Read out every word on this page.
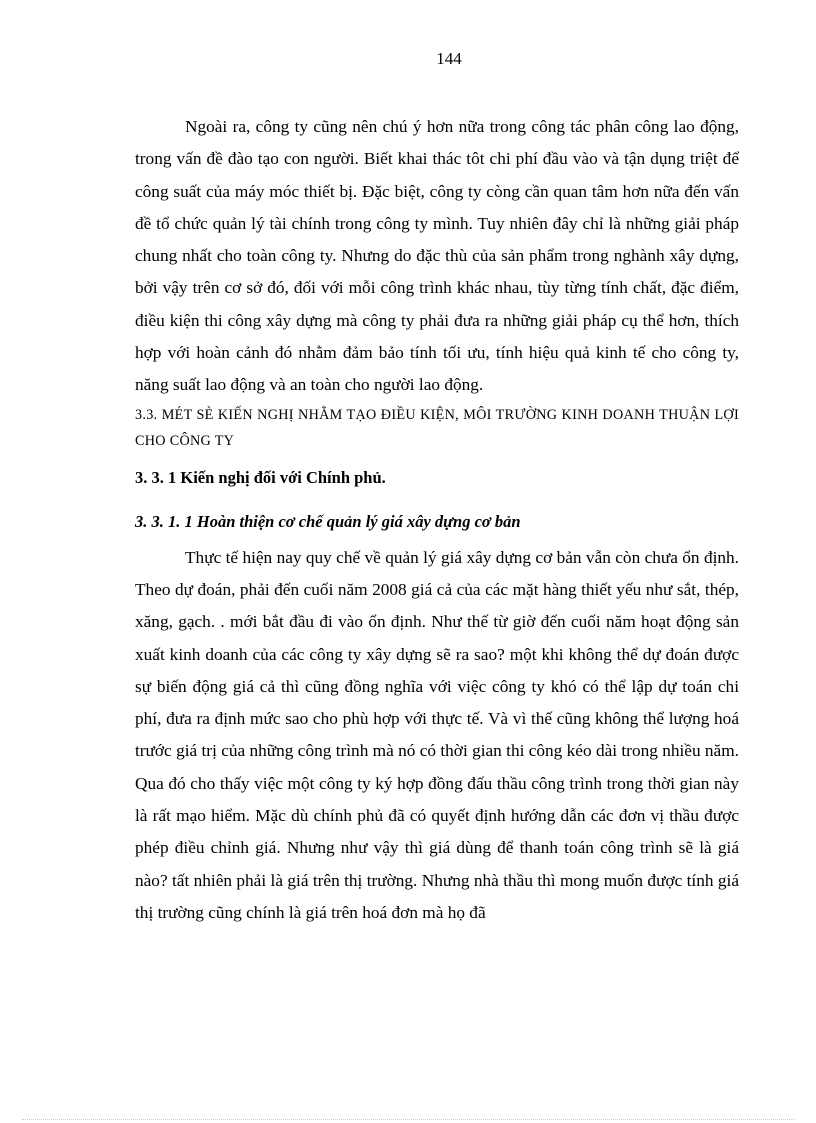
144

Ngoài ra, công ty cũng nên chú ý hơn nữa trong công tác phân công lao động, trong vấn đề đào tạo con người. Biết khai thác tôt chi phí đầu vào và tận dụng triệt để công suất của máy móc thiết bị. Đặc biệt, công ty còng cần quan tâm hơn nữa đến vấn đề tổ chức quản lý tài chính trong công ty mình. Tuy nhiên đây chỉ là những giải pháp chung nhất cho toàn công ty. Nhưng do đặc thù của sản phẩm trong nghành xây dựng, bởi vậy trên cơ sở đó, đối với mỗi công trình khác nhau, tùy từng tính chất, đặc điểm, điều kiện thi công xây dựng mà công ty phải đưa ra những giải pháp cụ thể hơn, thích hợp với hoàn cảnh đó nhằm đảm bảo tính tối ưu, tính hiệu quả kinh tế cho công ty, năng suất lao động và an toàn cho người lao động.

3.3. MÉT SÈ KIẾN NGHỊ NHẰM TẠO ĐIỀU KIỆN, MÔI TRƯỜNG KINH DOANH THUẬN LỢI CHO CÔNG TY

3. 3. 1 Kiến nghị đối với Chính phủ.

3. 3. 1. 1 Hoàn thiện cơ chế quản lý giá xây dựng cơ bản

Thực tế hiện nay quy chế về quản lý giá xây dựng cơ bản vẫn còn chưa ổn định. Theo dự đoán, phải đến cuối năm 2008 giá cả của các mặt hàng thiết yếu như sắt, thép, xăng, gạch. . mới bắt đầu đi vào ổn định. Như thế từ giờ đến cuối năm hoạt động sản xuất kinh doanh của các công ty xây dựng sẽ ra sao? một khi không thể dự đoán được sự biến động giá cả thì cũng đồng nghĩa với việc công ty khó có thể lập dự toán chi phí, đưa ra định mức sao cho phù hợp với thực tế. Và vì thế cũng không thể lượng hoá trước giá trị của những công trình mà nó có thời gian thi công kéo dài trong nhiều năm. Qua đó cho thấy việc một công ty ký hợp đồng đấu thầu công trình trong thời gian này là rất mạo hiểm. Mặc dù chính phủ đã có quyết định hướng dẫn các đơn vị thầu được phép điều chỉnh giá. Nhưng như vậy thì giá dùng để thanh toán công trình sẽ là giá nào? tất nhiên phải là giá trên thị trường. Nhưng nhà thầu thì mong muốn được tính giá thị trường cũng chính là giá trên hoá đơn mà họ đã
